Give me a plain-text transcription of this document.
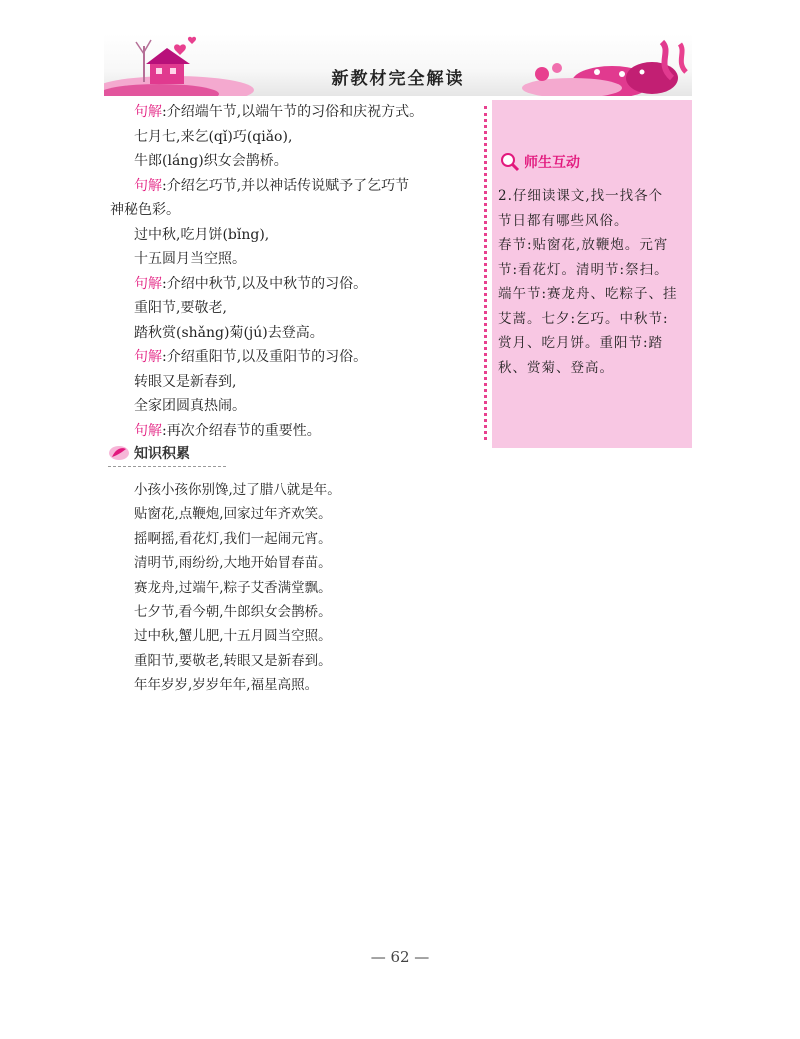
新教材完全解读
句解:介绍端午节,以端午节的习俗和庆祝方式。
七月七,来乞(qǐ)巧(qiǎo),
牛郎(láng)织女会鹊桥。
句解:介绍乞巧节,并以神话传说赋予了乞巧节
神秘色彩。
过中秋,吃月饼(bǐng),
十五圆月当空照。
句解:介绍中秋节,以及中秋节的习俗。
重阳节,要敬老,
踏秋赏(shǎng)菊(jú)去登高。
句解:介绍重阳节,以及重阳节的习俗。
转眼又是新春到,
全家团圆真热闹。
句解:再次介绍春节的重要性。
师生互动
2.仔细读课文,找一找各个
节日都有哪些风俗。
春节:贴窗花,放鞭炮。元宵
节:看花灯。清明节:祭扫。
端午节:赛龙舟、吃粽子、挂
艾蒿。七夕:乞巧。中秋节:
赏月、吃月饼。重阳节:踏
秋、赏菊、登高。
知识积累
小孩小孩你别馋,过了腊八就是年。
贴窗花,点鞭炮,回家过年齐欢笑。
摇啊摇,看花灯,我们一起闹元宵。
清明节,雨纷纷,大地开始冒春苗。
赛龙舟,过端午,粽子艾香满堂飘。
七夕节,看今朝,牛郎织女会鹊桥。
过中秋,蟹儿肥,十五月圆当空照。
重阳节,要敬老,转眼又是新春到。
年年岁岁,岁岁年年,福星高照。
— 62 —
